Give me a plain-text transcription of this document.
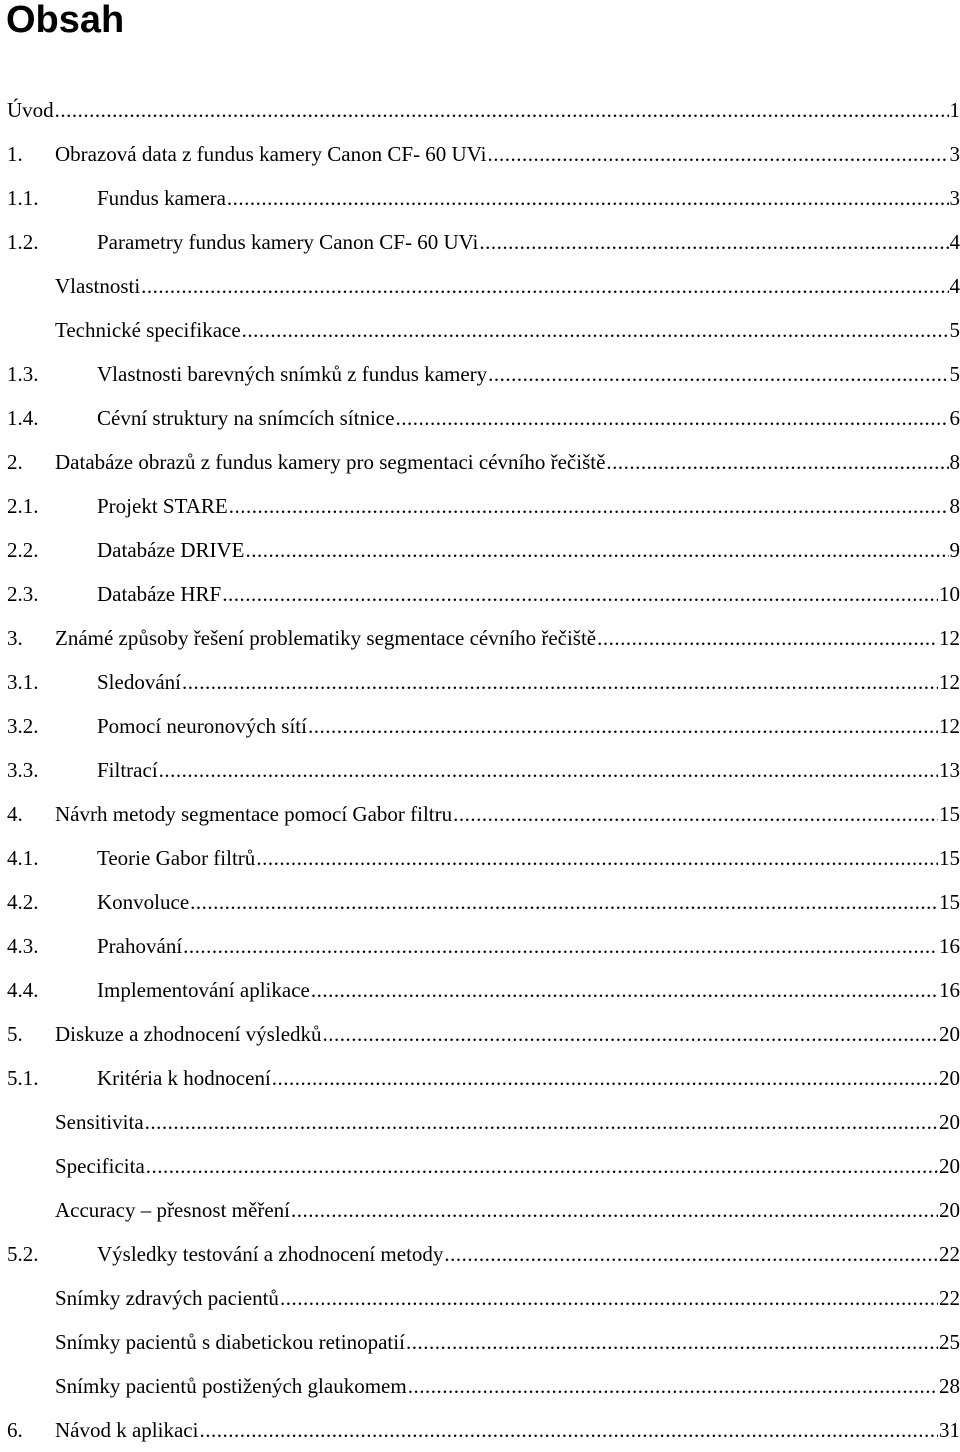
Obsah
Úvod .....	1
1. Obrazová data z fundus kamery Canon CF- 60 UVi .....	3
1.1.	Fundus kamera .....	3
1.2.	Parametry fundus kamery Canon CF- 60 UVi .....	4
Vlastnosti .....	4
Technické specifikace .....	5
1.3.	Vlastnosti barevných snímků z fundus kamery .....	5
1.4.	Cévní struktury na snímcích sítnice .....	6
2. Databáze obrazů z fundus kamery pro segmentaci cévního řečiště .....	8
2.1.	Projekt STARE .....	8
2.2.	Databáze DRIVE .....	9
2.3.	Databáze HRF .....	10
3. Známé způsoby řešení problematiky segmentace cévního řečiště .....	12
3.1.	Sledování .....	12
3.2.	Pomocí neuronových sítí .....	12
3.3.	Filtrací .....	13
4. Návrh metody segmentace pomocí Gabor filtru .....	15
4.1.	Teorie Gabor filtrů .....	15
4.2.	Konvoluce .....	15
4.3.	Prahování .....	16
4.4.	Implementování aplikace .....	16
5. Diskuze a zhodnocení výsledků .....	20
5.1.	Kritéria k hodnocení .....	20
Sensitivita .....	20
Specificita .....	20
Accuracy – přesnost měření .....	20
5.2.	Výsledky testování a zhodnocení metody .....	22
Snímky zdravých pacientů .....	22
Snímky pacientů s diabetickou retinopatií .....	25
Snímky pacientů postižených glaukomem .....	28
6. Návod k aplikaci .....	31
